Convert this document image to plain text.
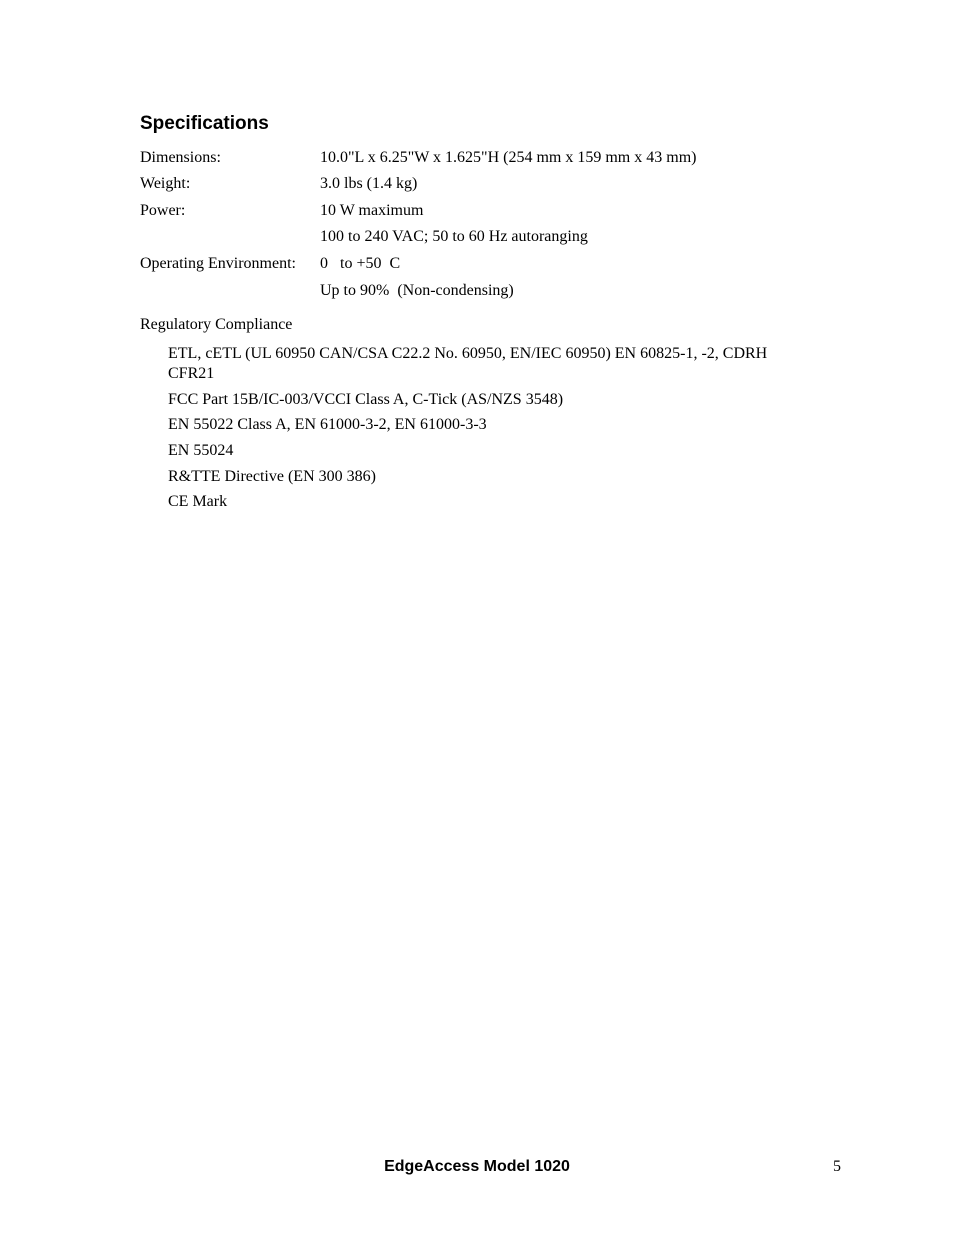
Specifications
Dimensions:	10.0"L x 6.25"W x 1.625"H (254 mm x 159 mm x 43 mm)
Weight:	3.0 lbs (1.4 kg)
Power:	10 W maximum
100 to 240 VAC; 50 to 60 Hz autoranging
Operating Environment: 0   to +50  C
Up to 90%  (Non-condensing)
Regulatory Compliance
ETL, cETL (UL 60950 CAN/CSA C22.2 No. 60950, EN/IEC 60950) EN 60825-1, -2, CDRH CFR21
FCC Part 15B/IC-003/VCCI Class A, C-Tick (AS/NZS 3548)
EN 55022 Class A, EN 61000-3-2, EN 61000-3-3
EN 55024
R&TTE Directive (EN 300 386)
CE Mark
EdgeAccess Model 1020	5
